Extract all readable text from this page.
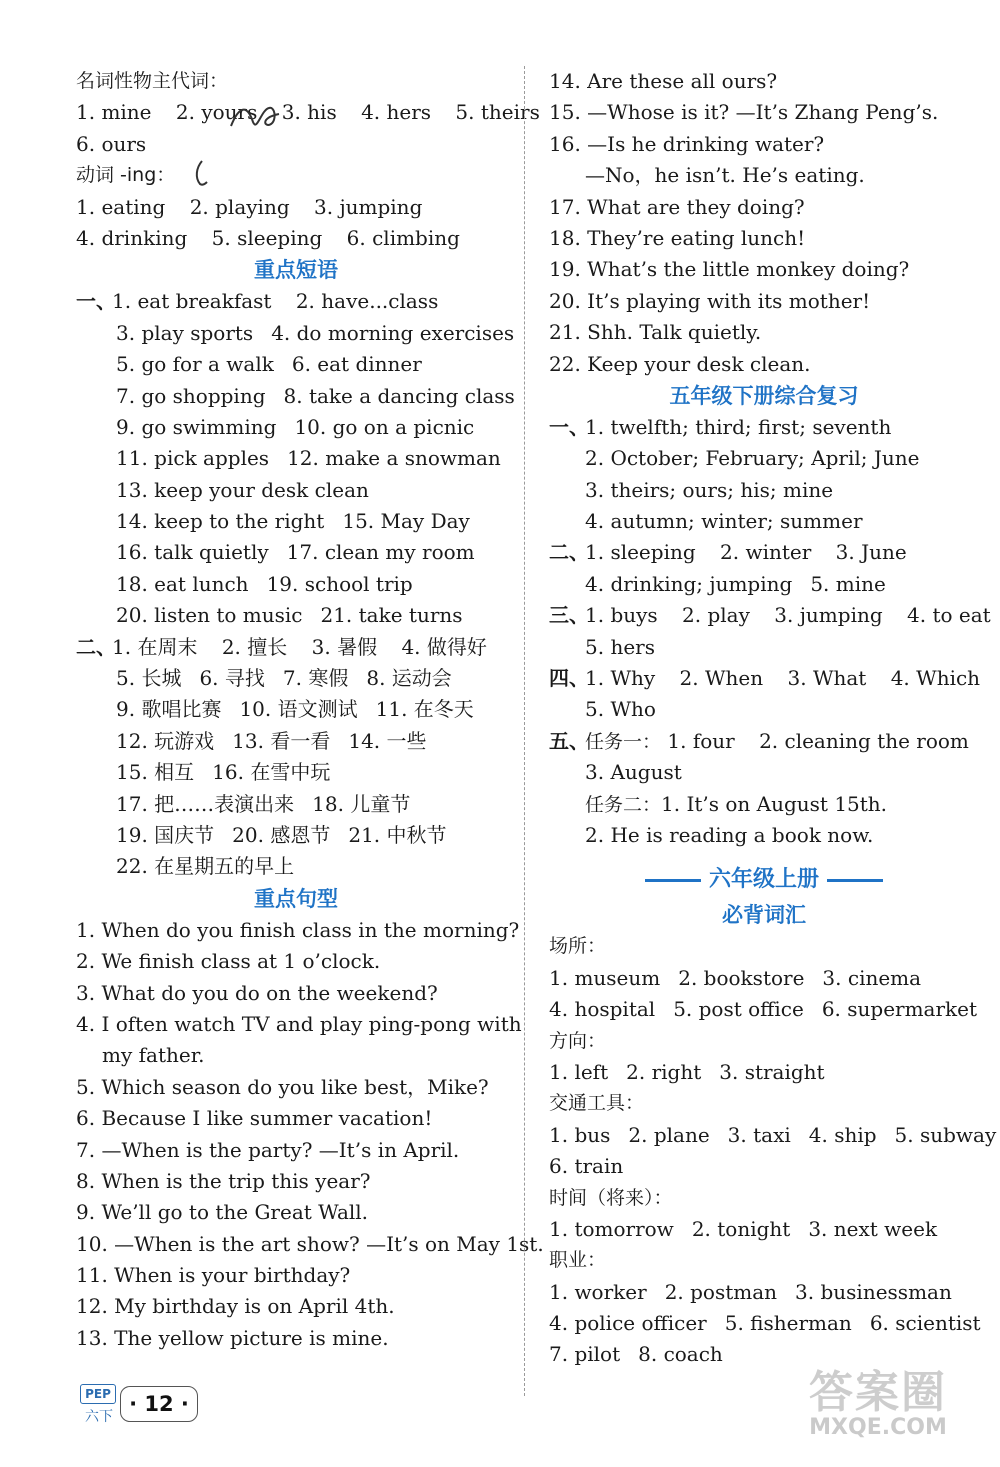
名词性物主代词：
1. mine 2. yours 3. his 4. hers 5. theirs
6. ours
动词 -ing：
1. eating 2. playing 3. jumping
4. drinking 5. sleeping 6. climbing
重点短语
一、
1. eat breakfast 2. have...class
3. play sports 4. do morning exercises
5. go for a walk 6. eat dinner
7. go shopping 8. take a dancing class
9. go swimming 10. go on a picnic
11. pick apples 12. make a snowman
13. keep your desk clean
14. keep to the right 15. May Day
16. talk quietly 17. clean my room
18. eat lunch 19. school trip
20. listen to music 21. take turns
二、
1. 在周末 2. 擅长 3. 暑假 4. 做得好
5. 长城 6. 寻找 7. 寒假 8. 运动会
9. 歌唱比赛 10. 语文测试 11. 在冬天
12. 玩游戏 13. 看一看 14. 一些
15. 相互 16. 在雪中玩
17. 把……表演出来 18. 儿童节
19. 国庆节 20. 感恩节 21. 中秋节
22. 在星期五的早上
重点句型
1. When do you finish class in the morning?
2. We finish class at 1 o’clock.
3. What do you do on the weekend?
4. I often watch TV and play ping-pong with
my father.
5. Which season do you like best，Mike?
6. Because I like summer vacation!
7. —When is the party? —It’s in April.
8. When is the trip this year?
9. We’ll go to the Great Wall.
10. —When is the art show? —It’s on May 1st.
11. When is your birthday?
12. My birthday is on April 4th.
13. The yellow picture is mine.
14. Are these all ours?
15. —Whose is it? —It’s Zhang Peng’s.
16. —Is he drinking water?
—No，he isn’t. He’s eating.
17. What are they doing?
18. They’re eating lunch!
19. What’s the little monkey doing?
20. It’s playing with its mother!
21. Shh. Talk quietly.
22. Keep your desk clean.
五年级下册综合复习
一、
1. twelfth; third; first; seventh
2. October; February; April; June
3. theirs; ours; his; mine
4. autumn; winter; summer
二、
1. sleeping 2. winter 3. June
4. drinking; jumping 5. mine
三、
1. buys 2. play 3. jumping 4. to eat
5. hers
四、
1. Why 2. When 3. What 4. Which
5. Who
五、
任务一： 1. four 2. cleaning the room
3. August
任务二：1. It’s on August 15th.
2. He is reading a book now.
六年级上册
必背词汇
场所：
1. museum 2. bookstore 3. cinema
4. hospital 5. post office 6. supermarket
方向：
1. left 2. right 3. straight
交通工具：
1. bus 2. plane 3. taxi 4. ship 5. subway
6. train
时间（将来）：
1. tomorrow 2. tonight 3. next week
职业：
1. worker 2. postman 3. businessman
4. police officer 5. fisherman 6. scientist
7. pilot 8. coach
PEP
六下
· 12 ·	答案圈
MXQE.COM
